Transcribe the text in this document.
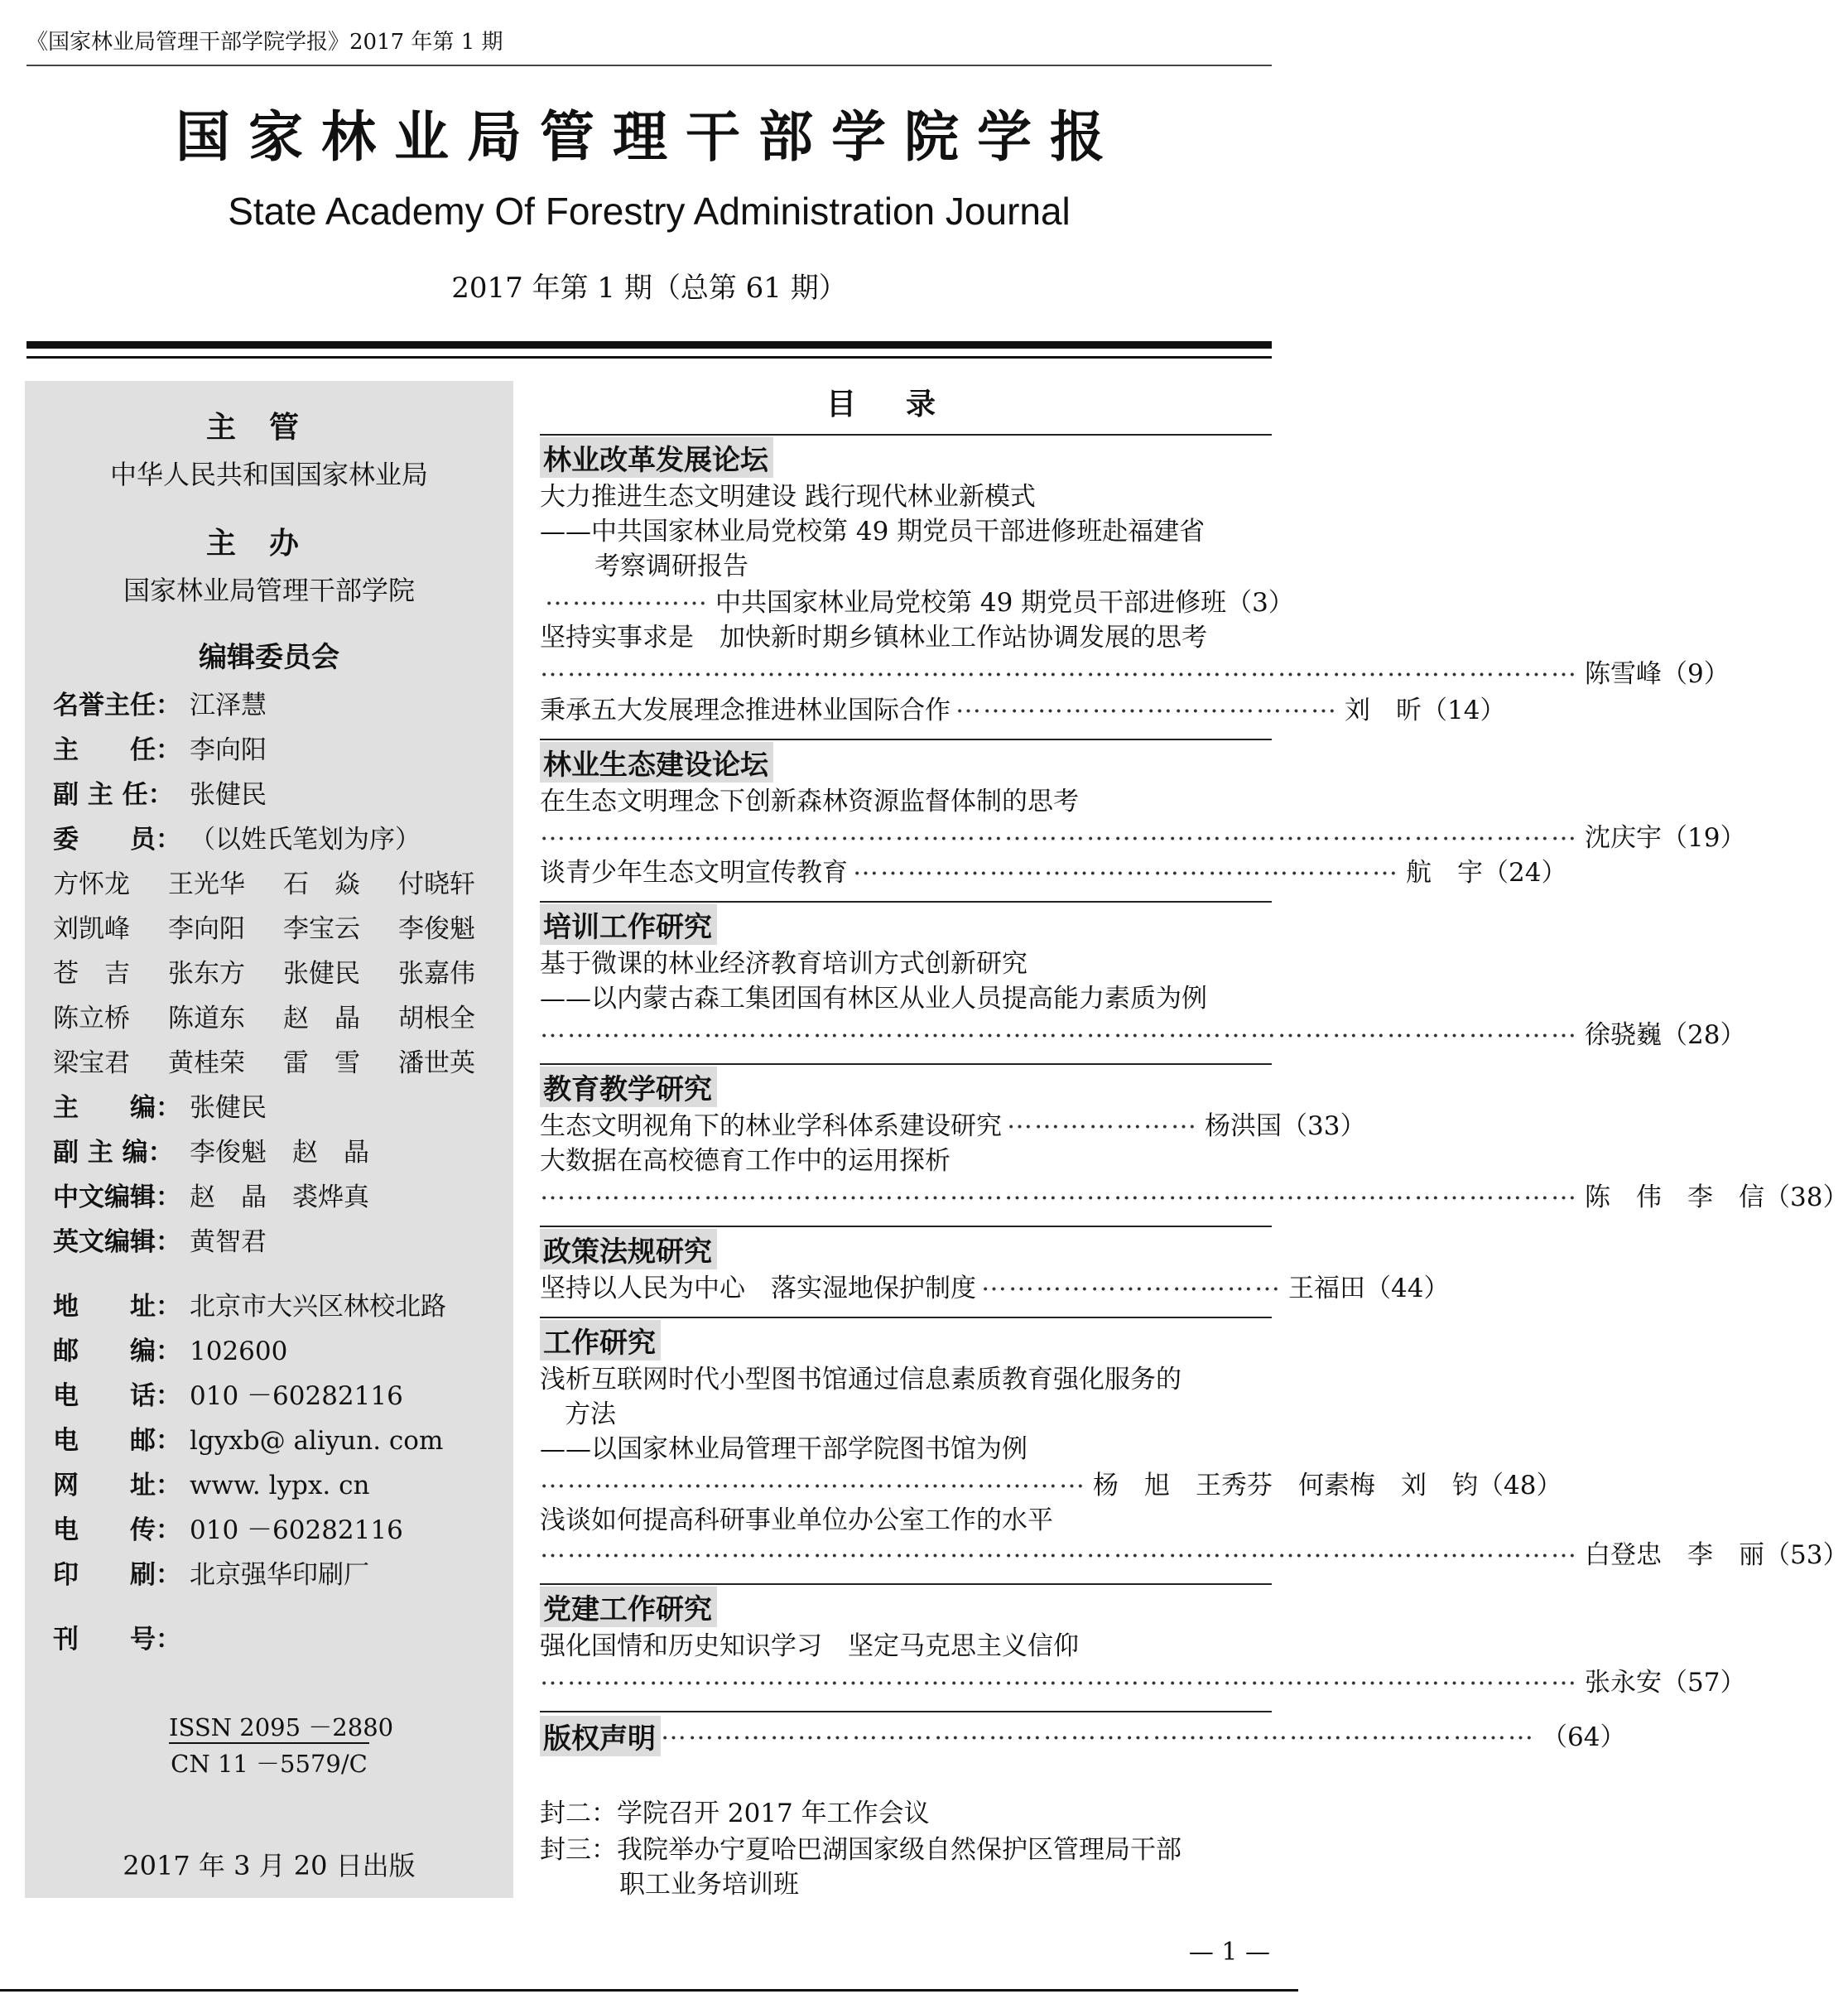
《国家林业局管理干部学院学报》2017 年第 1 期
国家林业局管理干部学院学报
State Academy Of Forestry Administration Journal
2017 年第 1 期（总第 61 期）
主管
中华人民共和国国家林业局
主办
国家林业局管理干部学院
编辑委员会
名誉主任： 江泽慧
主　　任： 李向阳
副 主 任： 张健民
委　　员： （以姓氏笔划为序）
方怀龙 王光华 石　焱 付晓轩
刘凯峰 李向阳 李宝云 李俊魁
苍　吉 张东方 张健民 张嘉伟
陈立桥 陈道东 赵　晶 胡根全
梁宝君 黄桂荣 雷　雪 潘世英
主　　编： 张健民
副 主 编： 李俊魁　赵　晶
中文编辑： 赵　晶　裘烨真
英文编辑： 黄智君
地　　址： 北京市大兴区林校北路
邮　　编： 102600
电　　话： 010 －60282116
电　　邮： lgyxb@ aliyun. com
网　　址： www. lypx. cn
电　　传： 010 －60282116
印　　刷： 北京强华印刷厂
刊　　号：
ISSN 2095 －2880
CN 11 －5579/C
2017 年 3 月 20 日出版
目录
林业改革发展论坛
大力推进生态文明建设 践行现代林业新模式
——中共国家林业局党校第 49 期党员干部进修班赴福建省
考察调研报告
……………… 中共国家林业局党校第 49 期党员干部进修班（3）
坚持实事求是　加快新时期乡镇林业工作站协调发展的思考
…………………………………………………………………………………………………… 陈雪峰（9）
秉承五大发展理念推进林业国际合作 …………………………………… 刘　昕（14）
林业生态建设论坛
在生态文明理念下创新森林资源监督体制的思考
…………………………………………………………………………………………………… 沈庆宇（19）
谈青少年生态文明宣传教育 …………………………………………………… 航　宇（24）
培训工作研究
基于微课的林业经济教育培训方式创新研究
——以内蒙古森工集团国有林区从业人员提高能力素质为例
…………………………………………………………………………………………………… 徐骁巍（28）
教育教学研究
生态文明视角下的林业学科体系建设研究 ………………… 杨洪国（33）
大数据在高校德育工作中的运用探析
…………………………………………………………………………………………………… 陈　伟　李　信（38）
政策法规研究
坚持以人民为中心　落实湿地保护制度 …………………………… 王福田（44）
工作研究
浅析互联网时代小型图书馆通过信息素质教育强化服务的
方法
——以国家林业局管理干部学院图书馆为例
…………………………………………………… 杨　旭　王秀芬　何素梅　刘　钧（48）
浅谈如何提高科研事业单位办公室工作的水平
…………………………………………………………………………………………………… 白登忠　李　丽（53）
党建工作研究
强化国情和历史知识学习　坚定马克思主义信仰
…………………………………………………………………………………………………… 张永安（57）
版权声明 …………………………………………………………………………………… （64）
封二：学院召开 2017 年工作会议
封三：我院举办宁夏哈巴湖国家级自然保护区管理局干部
职工业务培训班
— 1 —
